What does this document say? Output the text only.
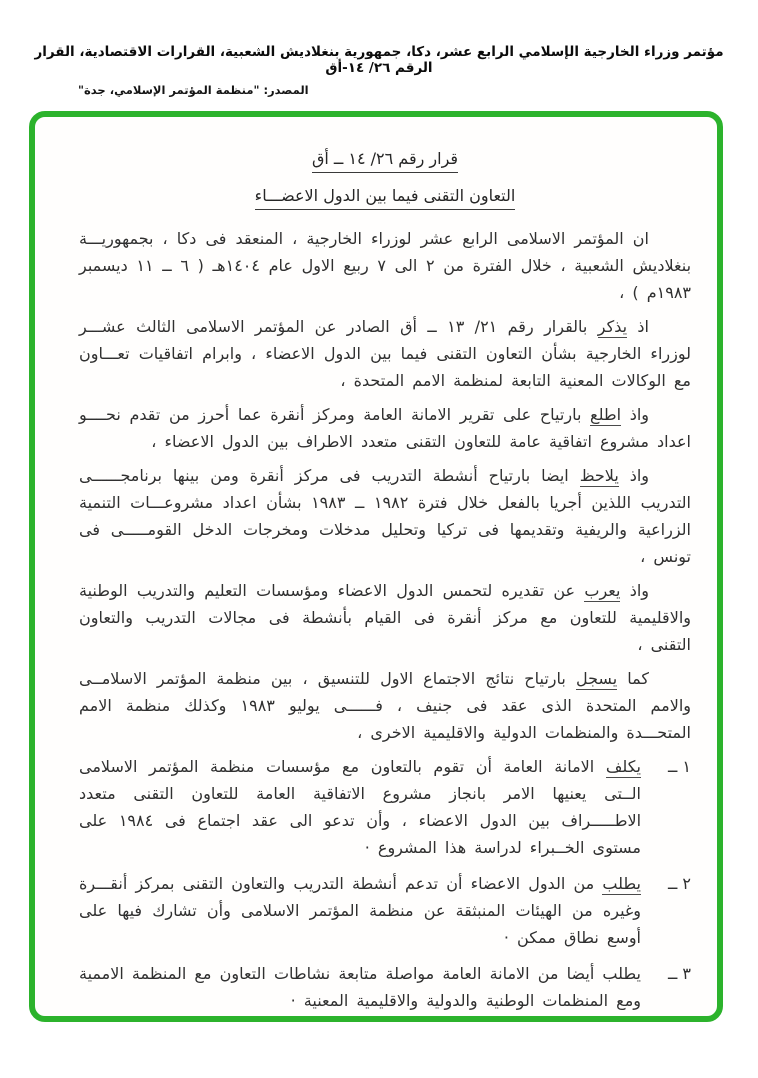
مؤتمر وزراء الخارجية الإسلامي الرابع عشر، دكا، جمهورية بنغلاديش الشعبية، القرارات الاقتصادية، القرار الرقم ٢٦/ ١٤-أق
المصدر: "منظمة المؤتمر الإسلامي، جدة"
قرار رقم ٢٦/ ١٤ ــ أق
التعاون التقنى فيما بين الدول الاعضـــاء

ان المؤتمر الاسلامى الرابع عشر لوزراء الخارجية ، المنعقد فى دكا ، بجمهوريـــة بنغلاديش الشعبية ، خلال الفترة من ٢ الى ٧ ربيع الاول عام ١٤٠٤هـ ( ٦ ــ ١١ ديسمبر ١٩٨٣م ) ،

اذ يذكر بالقرار رقم ٢١/ ١٣ ــ أق الصادر عن المؤتمر الاسلامى الثالث عشـــر لوزراء الخارجية بشأن التعاون التقنى فيما بين الدول الاعضاء ، وابرام اتفاقيات تعـــاون مع الوكالات المعنية التابعة لمنظمة الامم المتحدة ،

واذ اطلع بارتياح على تقرير الامانة العامة ومركز أنقرة عما أحرز من تقدم نحــــو اعداد مشروع اتفاقية عامة للتعاون التقنى متعدد الاطراف بين الدول الاعضاء ،

واذ يلاحظ ايضا بارتياح أنشطة التدريب فى مركز أنقرة ومن بينها برنامجــــــى التدريب اللذين أجريا بالفعل خلال فترة ١٩٨٢ ــ ١٩٨٣ بشأن اعداد مشروعـــات التنمية الزراعية والريفية وتقديمها فى تركيا وتحليل مدخلات ومخرجات الدخل القومـــــى فى تونس ،

واذ يعرب عن تقديره لتحمس الدول الاعضاء ومؤسسات التعليم والتدريب الوطنية والاقليمية للتعاون مع مركز أنقرة فى القيام بأنشطة فى مجالات التدريب والتعاون التقنى ،

كما يسجل بارتياح نتائج الاجتماع الاول للتنسيق ، بين منظمة المؤتمر الاسلامــى والامم المتحدة الذى عقد فى جنيف ، فــــــى يوليو ١٩٨٣ وكذلك منظمة الامم المتحـــدة والمنظمات الدولية والاقليمية الاخرى ،

١ ــ
يكلف الامانة العامة أن تقوم بالتعاون مع مؤسسات منظمة المؤتمر الاسلامى الــتى يعنيها الامر بانجاز مشروع الاتفاقية العامة للتعاون التقنى متعدد الاطـــــراف بين الدول الاعضاء ، وأن تدعو الى عقد اجتماع فى ١٩٨٤ على مستوى الخــبراء لدراسة هذا المشروع ·
٢ ــ
يطلب من الدول الاعضاء أن تدعم أنشطة التدريب والتعاون التقنى بمركز أنقـــرة وغيره من الهيئات المنبثقة عن منظمة المؤتمر الاسلامى وأن تشارك فيها على أوسع نطاق ممكن ·
٣ ــ
يطلب أيضا من الامانة العامة مواصلة متابعة نشاطات التعاون مع المنظمة الاممية ومع المنظمات الوطنية والدولية والاقليمية المعنية ·
